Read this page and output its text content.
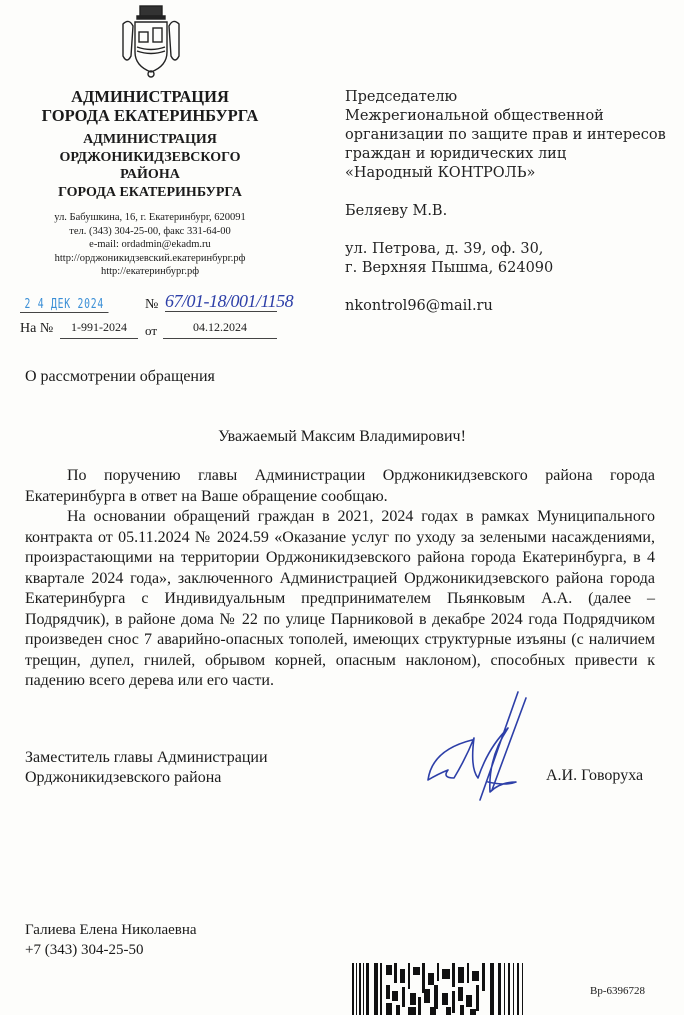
АДМИНИСТРАЦИЯ
ГОРОДА ЕКАТЕРИНБУРГА
АДМИНИСТРАЦИЯ
ОРДЖОНИКИДЗЕВСКОГО
РАЙОНА
ГОРОДА ЕКАТЕРИНБУРГА
ул. Бабушкина, 16, г. Екатеринбург, 620091
тел. (343) 304-25-00, факс 331-64-00
e-mail: ordadmin@ekadm.ru
http://орджоникидзевский.екатеринбург.рф
http://екатеринбург.рф
2 4 ДЕК 2024	№ 67/01-18/001/1158
На №	1-991-2024	от	04.12.2024
Председателю
Межрегиональной общественной
организации по защите прав и интересов
граждан и юридических лиц
«Народный КОНТРОЛЬ»
Беляеву М.В.
ул. Петрова, д. 39, оф. 30,
г. Верхняя Пышма, 624090
nkontrol96@mail.ru
О рассмотрении обращения
Уважаемый Максим Владимирович!

По поручению главы Администрации Орджоникидзевского района города Екатеринбурга в ответ на Ваше обращение сообщаю.

На основании обращений граждан в 2021, 2024 годах в рамках Муниципального контракта от 05.11.2024 № 2024.59 «Оказание услуг по уходу за зелеными насаждениями, произрастающими на территории Орджоникидзевского района города Екатеринбурга, в 4 квартале 2024 года», заключенного Администрацией Орджоникидзевского района города Екатеринбурга с Индивидуальным предпринимателем Пьянковым А.А. (далее – Подрядчик), в районе дома № 22 по улице Парниковой в декабре 2024 года Подрядчиком произведен снос 7 аварийно-опасных тополей, имеющих структурные изъяны (с наличием трещин, дупел, гнилей, обрывом корней, опасным наклоном), способных привести к падению всего дерева или его части.

Заместитель главы Администрации
Орджоникидзевского района	А.И. Говоруха
Галиева Елена Николаевна
+7 (343) 304-25-50
Вр-6396728
